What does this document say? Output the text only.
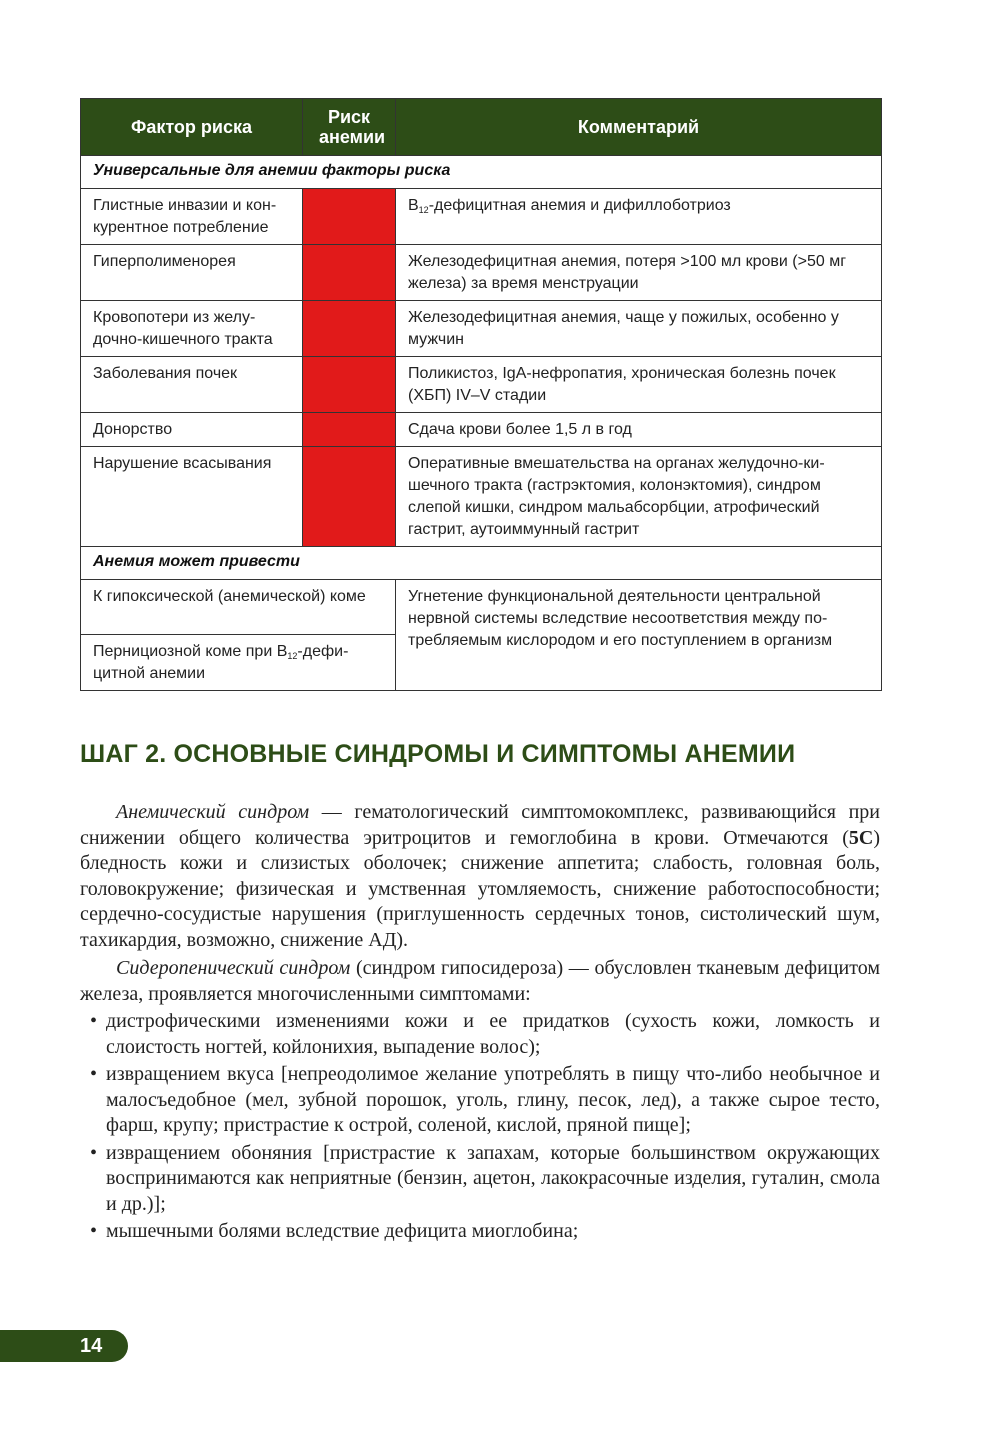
Фактор риска	Риск анемии	Комментарий
Универсальные для анемии факторы риска		
Глистные инвазии и кон-курентное потребление		$B_{12}$-дефицитная анемия и дифиллоботриоз
Гиперполименорея		Железодефицитная анемия, потеря >100 мл крови (>50 мг железа) за время менструации
Кровопотери из желу-дочно-кишечного тракта		Железодефицитная анемия, чаще у пожилых, особенно у мужчин
Заболевания почек		Поликистоз, IgA-нефропатия, хроническая болезнь почек (ХБП) IV–V стадии
Донорство		Сдача крови более 1,5 л в год
Нарушение всасывания		Оперативные вмешательства на органах желудочно-ки-шечного тракта (гастрэктомия, колонэктомия), синдром слепой кишки, синдром мальабсорбции, атрофический гастрит, аутоиммунный гастрит
Анемия может привести		
К гипоксической (анемической) коме		Угнетение функциональной деятельности центральной нервной системы вследствие несоответствия между по-требляемым кислородом и его поступлением в организм
Пернициозной коме при $B_{12}-дефи$-цитной анемии		
ШАГ 2. ОСНОВНЫЕ СИНДРОМЫ И СИМПТОМЫ АНЕМИИ

Анемический синдром — гематологический симптомокомплекс, развивающийся при снижении общего количества эритроцитов и гемоглобина в крови. Отмечаются (5С) бледность кожи и слизистых оболочек; снижение аппетита; слабость, головная боль, головокружение; физическая и умственная утомляемость, снижение работоспособности; сердечно-сосудистые нарушения (приглушенность сердечных тонов, систолический шум, тахикардия, возможно, снижение АД).

Сидеропенический синдром (синдром гипосидероза) — обусловлен тканевым дефицитом железа, проявляется многочисленными симптомами:

• дистрофическими изменениями кожи и ее придатков (сухость кожи, ломкость и слоистость ногтей, койлонихия, выпадение волос);
• извращением вкуса [непреодолимое желание употреблять в пищу что-либо необычное и малосъедобное (мел, зубной порошок, уголь, глину, песок, лед), а также сырое тесто, фарш, крупу; пристрастие к острой, соленой, кислой, пряной пище];
• извращением обоняния [пристрастие к запахам, которые большинством окружающих воспринимаются как неприятные (бензин, ацетон, лакокрасочные изделия, гуталин, смола и др.)];
• мышечными болями вследствие дефицита миоглобина;
14
